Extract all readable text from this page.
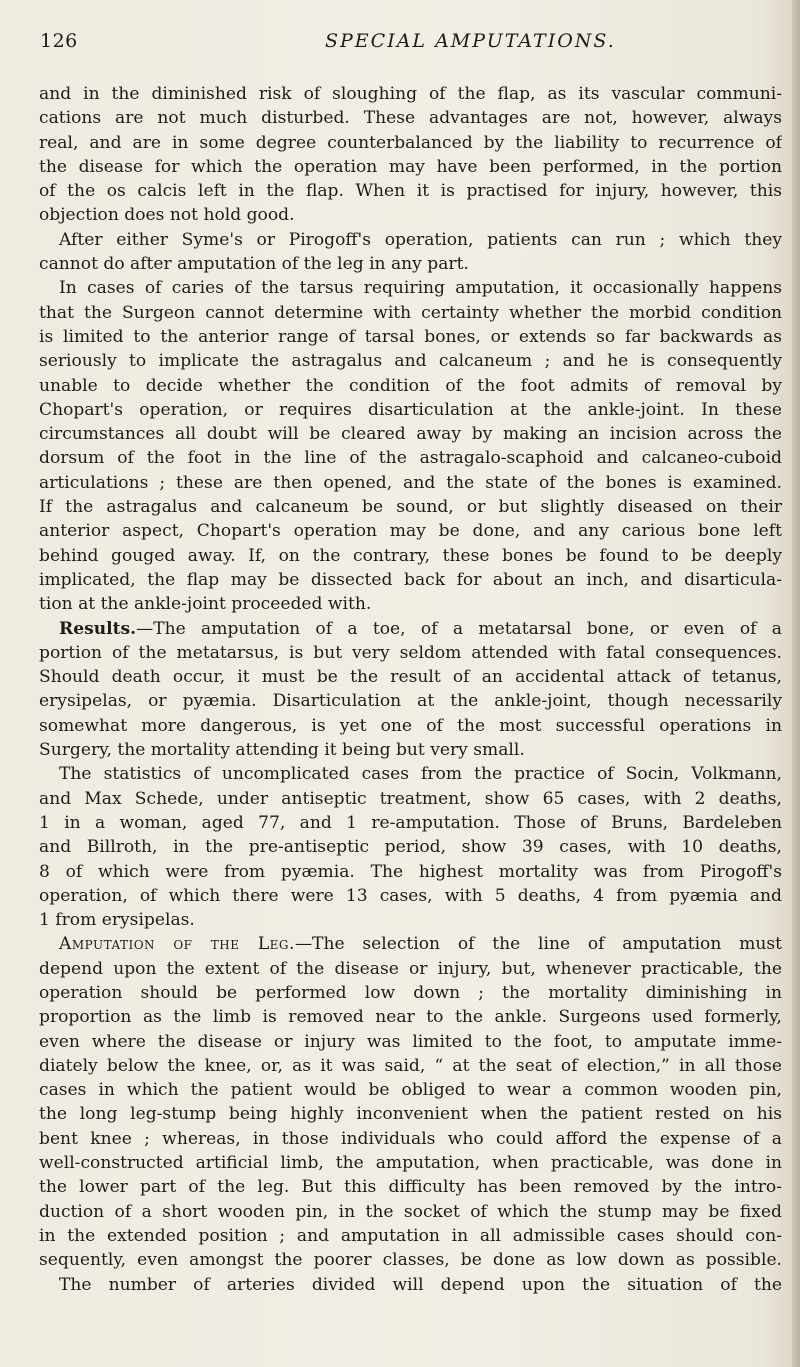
126	SPECIAL AMPUTATIONS.
and in the diminished risk of sloughing of the flap, as its vascular communi-
cations are not much disturbed. These advantages are not, however, always
real, and are in some degree counterbalanced by the liability to recurrence of
the disease for which the operation may have been performed, in the portion
of the os calcis left in the flap. When it is practised for injury, however, this
objection does not hold good.
After either Syme's or Pirogoff's operation, patients can run ; which they
cannot do after amputation of the leg in any part.
In cases of caries of the tarsus requiring amputation, it occasionally happens
that the Surgeon cannot determine with certainty whether the morbid condition
is limited to the anterior range of tarsal bones, or extends so far backwards as
seriously to implicate the astragalus and calcaneum ; and he is consequently
unable to decide whether the condition of the foot admits of removal by
Chopart's operation, or requires disarticulation at the ankle-joint. In these
circumstances all doubt will be cleared away by making an incision across the
dorsum of the foot in the line of the astragalo-scaphoid and calcaneo-cuboid
articulations ; these are then opened, and the state of the bones is examined.
If the astragalus and calcaneum be sound, or but slightly diseased on their
anterior aspect, Chopart's operation may be done, and any carious bone left
behind gouged away. If, on the contrary, these bones be found to be deeply
implicated, the flap may be dissected back for about an inch, and disarticula-
tion at the ankle-joint proceeded with.
Results.—The amputation of a toe, of a metatarsal bone, or even of a
portion of the metatarsus, is but very seldom attended with fatal consequences.
Should death occur, it must be the result of an accidental attack of tetanus,
erysipelas, or pyæmia. Disarticulation at the ankle-joint, though necessarily
somewhat more dangerous, is yet one of the most successful operations in
Surgery, the mortality attending it being but very small.
The statistics of uncomplicated cases from the practice of Socin, Volkmann,
and Max Schede, under antiseptic treatment, show 65 cases, with 2 deaths,
1 in a woman, aged 77, and 1 re-amputation. Those of Bruns, Bardeleben
and Billroth, in the pre-antiseptic period, show 39 cases, with 10 deaths,
8 of which were from pyæmia. The highest mortality was from Pirogoff's
operation, of which there were 13 cases, with 5 deaths, 4 from pyæmia and
1 from erysipelas.
Amputation of the Leg.—The selection of the line of amputation must
depend upon the extent of the disease or injury, but, whenever practicable, the
operation should be performed low down ; the mortality diminishing in
proportion as the limb is removed near to the ankle. Surgeons used formerly,
even where the disease or injury was limited to the foot, to amputate imme-
diately below the knee, or, as it was said, “ at the seat of election,” in all those
cases in which the patient would be obliged to wear a common wooden pin,
the long leg-stump being highly inconvenient when the patient rested on his
bent knee ; whereas, in those individuals who could afford the expense of a
well-constructed artificial limb, the amputation, when practicable, was done in
the lower part of the leg. But this difficulty has been removed by the intro-
duction of a short wooden pin, in the socket of which the stump may be fixed
in the extended position ; and amputation in all admissible cases should con-
sequently, even amongst the poorer classes, be done as low down as possible.
The number of arteries divided will depend upon the situation of the
